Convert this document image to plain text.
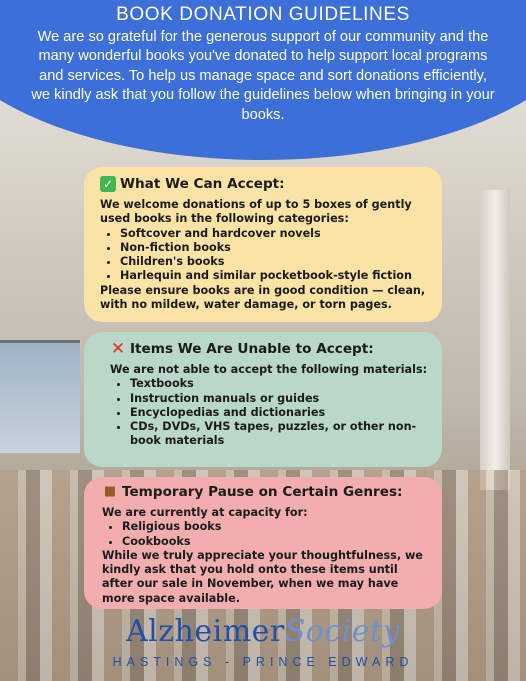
BOOK DONATION GUIDELINES

We are so grateful for the generous support of our community and the many wonderful books you've donated to help support local programs and services. To help us manage space and sort donations efficiently, we kindly ask that you follow the guidelines below when bringing in your books.

✓ What We Can Accept:

We welcome donations of up to 5 boxes of gently used books in the following categories:

• Softcover and hardcover novels
• Non-fiction books
• Children's books
• Harlequin and similar pocketbook-style fiction

Please ensure books are in good condition — clean, with no mildew, water damage, or torn pages.

✕ Items We Are Unable to Accept:

We are not able to accept the following materials:

• Textbooks
• Instruction manuals or guides
• Encyclopedias and dictionaries
• CDs, DVDs, VHS tapes, puzzles, or other non-book materials
■ Temporary Pause on Certain Genres:

We are currently at capacity for:

• Religious books
• Cookbooks

While we truly appreciate your thoughtfulness, we kindly ask that you hold onto these items until after our sale in November, when we may have more space available.

AlzheimerSociety
HASTINGS - PRINCE EDWARD
